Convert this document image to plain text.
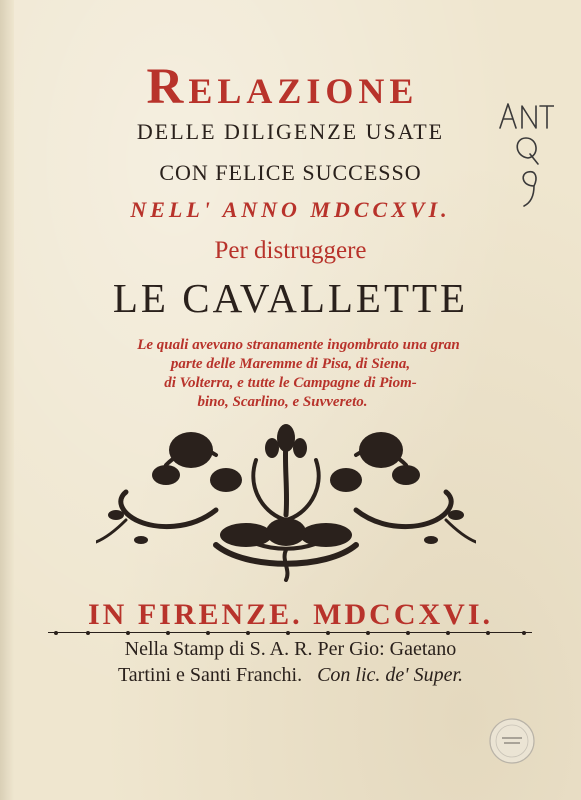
Relazione
DELLE DILIGENZE USATE
CON FELICE SUCCESSO
NELL' ANNO MDCCXVI.
Per distruggere
LE CAVALLETTE
Le quali avevano stranamente ingombrato una gran
parte delle Maremme di Pisa, di Siena,
di Volterra, e tutte le Campagne di Piom-
bino, Scarlino, e Suvvereto.
IN FIRENZE. MDCCXVI.
Nella Stamp di S. A. R. Per Gio: Gaetano
Tartini e Santi Franchi. Con lic. de' Super.
